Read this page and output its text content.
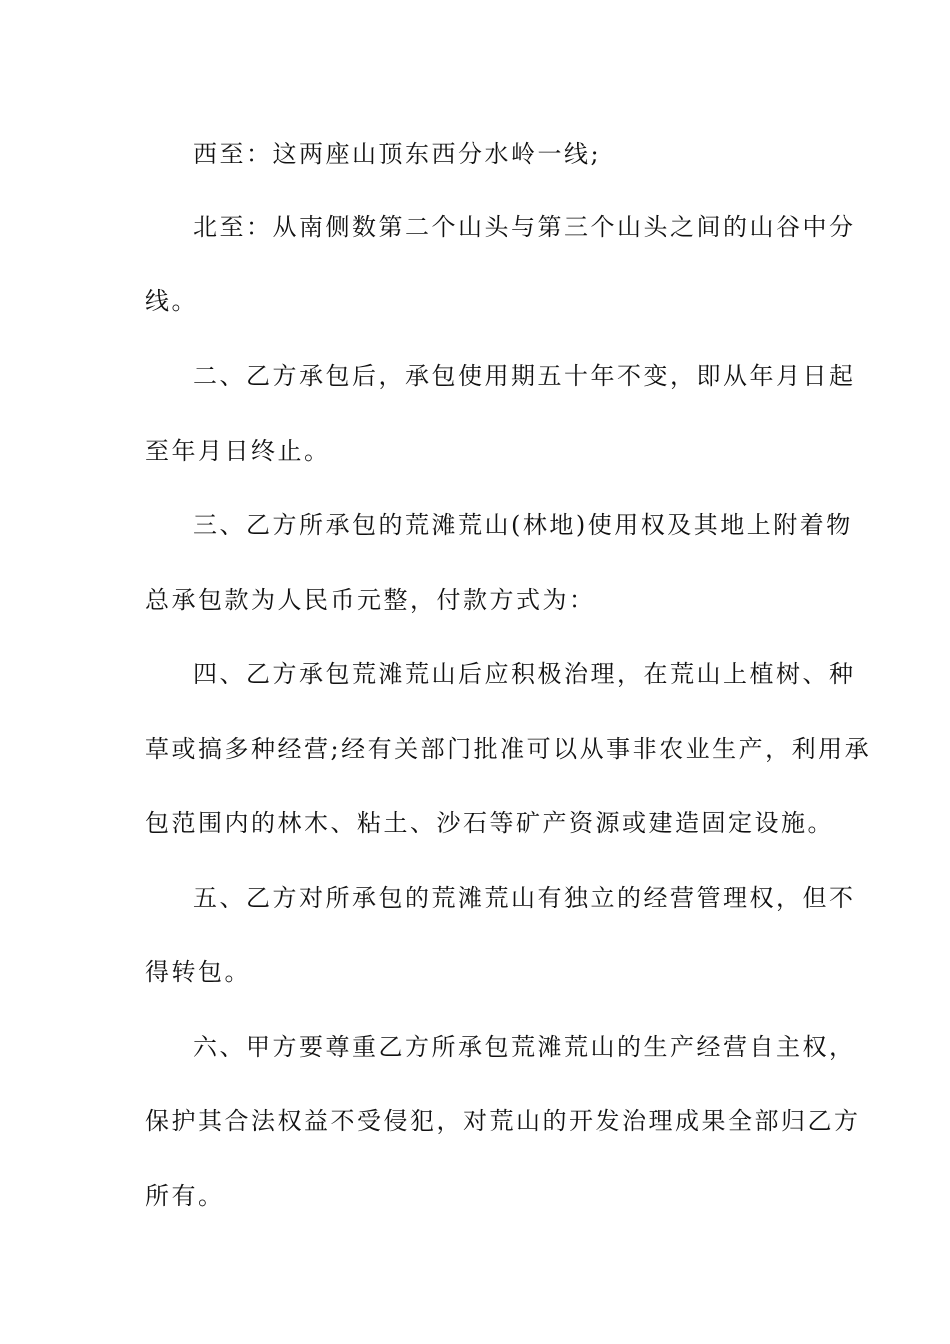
西至：这两座山顶东西分水岭一线;
北至：从南侧数第二个山头与第三个山头之间的山谷中分
线。
二、乙方承包后，承包使用期五十年不变，即从年月日起
至年月日终止。
三、乙方所承包的荒滩荒山(林地)使用权及其地上附着物
总承包款为人民币元整，付款方式为：
四、乙方承包荒滩荒山后应积极治理，在荒山上植树、种
草或搞多种经营;经有关部门批准可以从事非农业生产，利用承
包范围内的林木、粘土、沙石等矿产资源或建造固定设施。
五、乙方对所承包的荒滩荒山有独立的经营管理权，但不
得转包。
六、甲方要尊重乙方所承包荒滩荒山的生产经营自主权，
保护其合法权益不受侵犯，对荒山的开发治理成果全部归乙方
所有。
